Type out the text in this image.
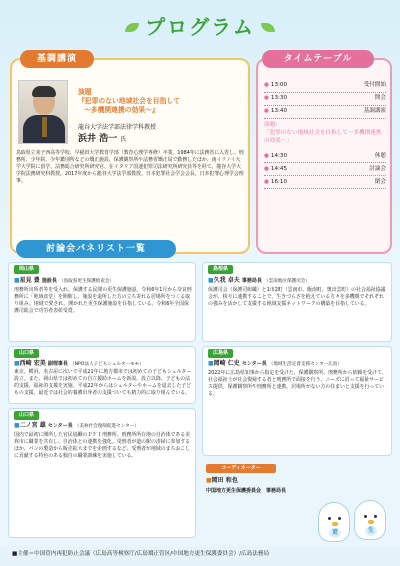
プログラム
基調講演
演題
『犯罪のない地域社会を目指して
～多機関連携の効果～』
龍谷大学法学部法律学科教授
浜井 浩一 氏
鳥取県立米子西高等学校、早稲田大学教育学部（教育心理学専修）卒業。1984年に法務省に入省し、刑務所、少年院、少年鑑別所などの矯正施設、保護観察所や法務省矯正局で勤務したほか、南イリノイ大学大学院に留学、法務総合研究所研究官、在イタリア国連犯罪司法研究所研究員等を経て、龍谷大学大学院法務研究科教授。2017年度から龍谷大学法学部教授。日本犯罪社会学会会長、日本犯罪心理学会理事。
タイムテーブル
● 13:00	受付開始
● 13:30	開会
● 13:40	基調講演
演題：
「犯罪のない地域社会を目指して～多機関連携の効果～」
● 14:30	休憩
● 14:45	討論会
● 16:10	閉会
討論会パネリスト一覧
岡山県
■星見 豊 施設長 （鳥取県更生保護給産会）
刑務所出所者等を受入れ、保護する民間の更生保護施設。令和6年1月から奈良刑務所に「地域食堂」を開催し、施設を退所した方の立ち寄れる居場所をつくる取り組み。地域で愛され、開かれた更生保護施設を目指している。令和6年全国保護司総会で功労者表彰受賞。
島根県
■久我 卓夫 事務局長 （雲南地区保護司会）
保護司会（保護司組織）と1市2町（雲南市、飯南町、奥出雲町）の社会福祉協議会が、相互に連携することで、生きづらさを抱えている方々を多機関でそれぞれの強みを活かして支援する地域支援ネットワークの構築を目指している。
山口県
■西崎 宏美 副理事長 （NPO法人子どもシェルターモモ）
東京、横浜、名古屋に次いで平成21年に地方都市では初めての子どもシェルター設立。また、岡山県では初めての自立援助ホームを新設。設立以降、子どもの法的支援、福祉的支援を実施。平成22年からはシェルターやホームを退去した子どもの支援、最近では社会的養護出身者の支援ついても精力的に取り組んでいる。
広島県
■岡崎 仁史 センター長 （地域生活定着支援センター広島）
2022年に広島県知事から指定を受けた、保護観察所、刑務所から依頼を受けて、社会福祉士が社会復帰する者と刑務所で面接を行う、ニーズに沿って福祉サービス提供。保護観察所や刑務所と連携。居場所がない方の住まいと支援を行っている。
山口県
■二ノ宮 雄 センター長 （美祢社会復帰促進センター）
国内で最初に開所した官民協働のＰＦＩ刑務所。刑務所所在地の自治体である美祢市に職業を共有し、自治体との連携を強化。受刑者が道の駅の清掃に参加するほか、パンの製造から販売拡大までを企画するなど、受刑者が地域のまちおこしに貢献する特色のある独自の職業訓練を実施している。
コーディネーター
■岡田 和也
中国地方更生保護委員会　事務局長
更	生
■主催＝中国管内再犯防止会議（広島高等検察庁/広島矯正管区/中国地方更生保護委員会）/広島法務局
